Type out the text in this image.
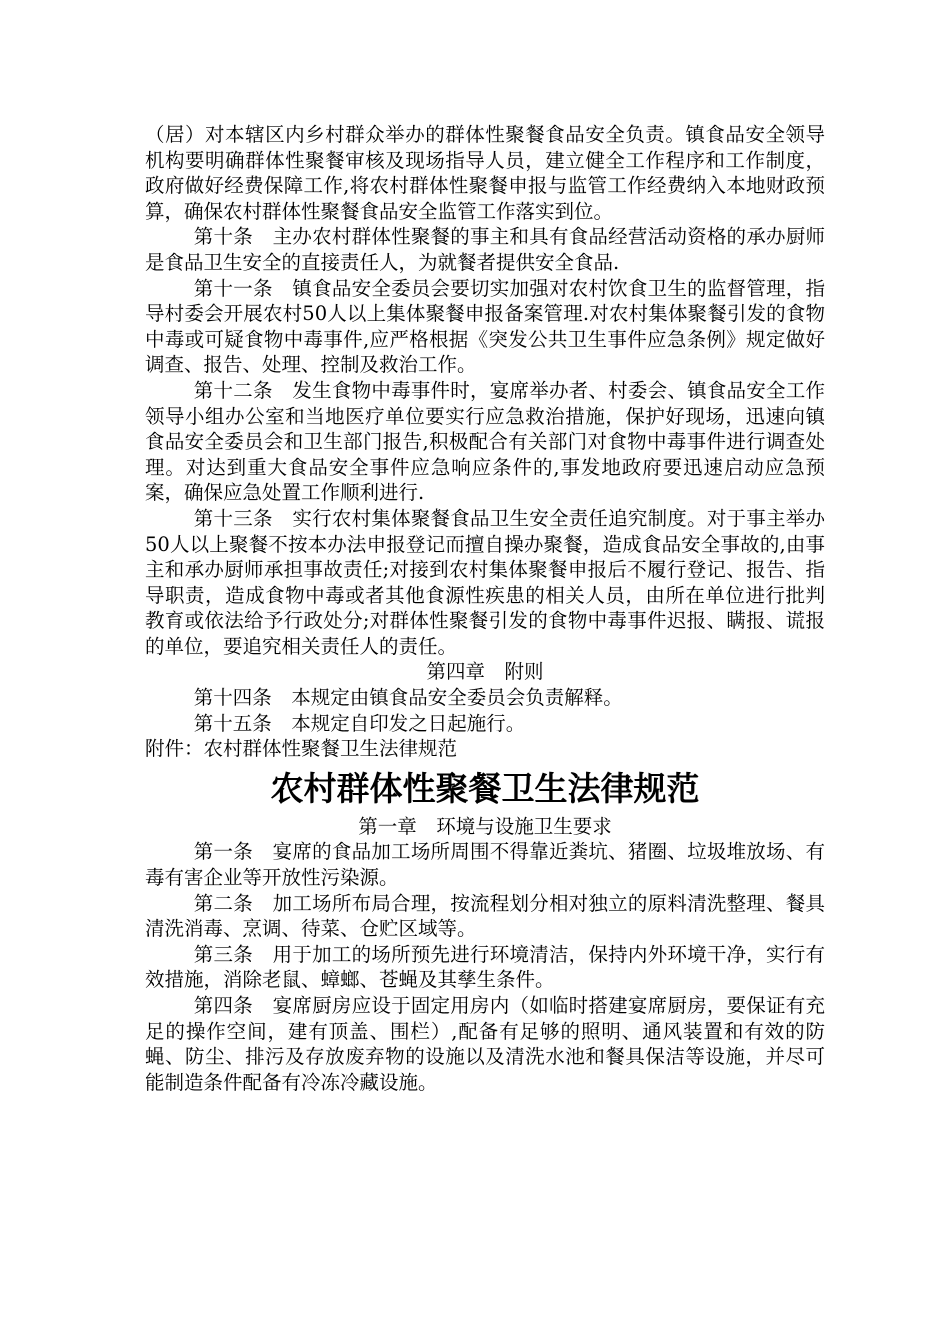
（居）对本辖区内乡村群众举办的群体性聚餐食品安全负责。镇食品安全领导机构要明确群体性聚餐审核及现场指导人员，建立健全工作程序和工作制度，政府做好经费保障工作,将农村群体性聚餐申报与监管工作经费纳入本地财政预算，确保农村群体性聚餐食品安全监管工作落实到位。

第十条　主办农村群体性聚餐的事主和具有食品经营活动资格的承办厨师是食品卫生安全的直接责任人，为就餐者提供安全食品.

第十一条　镇食品安全委员会要切实加强对农村饮食卫生的监督管理，指导村委会开展农村50人以上集体聚餐申报备案管理.对农村集体聚餐引发的食物中毒或可疑食物中毒事件,应严格根据《突发公共卫生事件应急条例》规定做好调查、报告、处理、控制及救治工作。

第十二条　发生食物中毒事件时，宴席举办者、村委会、镇食品安全工作领导小组办公室和当地医疗单位要实行应急救治措施，保护好现场，迅速向镇食品安全委员会和卫生部门报告,积极配合有关部门对食物中毒事件进行调查处理。对达到重大食品安全事件应急响应条件的,事发地政府要迅速启动应急预案，确保应急处置工作顺利进行.

第十三条　实行农村集体聚餐食品卫生安全责任追究制度。对于事主举办50人以上聚餐不按本办法申报登记而擅自操办聚餐，造成食品安全事故的,由事主和承办厨师承担事故责任;对接到农村集体聚餐申报后不履行登记、报告、指导职责，造成食物中毒或者其他食源性疾患的相关人员，由所在单位进行批判教育或依法给予行政处分;对群体性聚餐引发的食物中毒事件迟报、瞒报、谎报的单位，要追究相关责任人的责任。

第四章　附则

第十四条　本规定由镇食品安全委员会负责解释。

第十五条　本规定自印发之日起施行。

附件：农村群体性聚餐卫生法律规范

农村群体性聚餐卫生法律规范

第一章　环境与设施卫生要求

第一条　宴席的食品加工场所周围不得靠近粪坑、猪圈、垃圾堆放场、有毒有害企业等开放性污染源。

第二条　加工场所布局合理，按流程划分相对独立的原料清洗整理、餐具清洗消毒、烹调、待菜、仓贮区域等。

第三条　用于加工的场所预先进行环境清洁，保持内外环境干净，实行有效措施，消除老鼠、蟑螂、苍蝇及其孳生条件。

第四条　宴席厨房应设于固定用房内（如临时搭建宴席厨房，要保证有充足的操作空间，建有顶盖、围栏）,配备有足够的照明、通风装置和有效的防蝇、防尘、排污及存放废弃物的设施以及清洗水池和餐具保洁等设施，并尽可能制造条件配备有冷冻冷藏设施。
